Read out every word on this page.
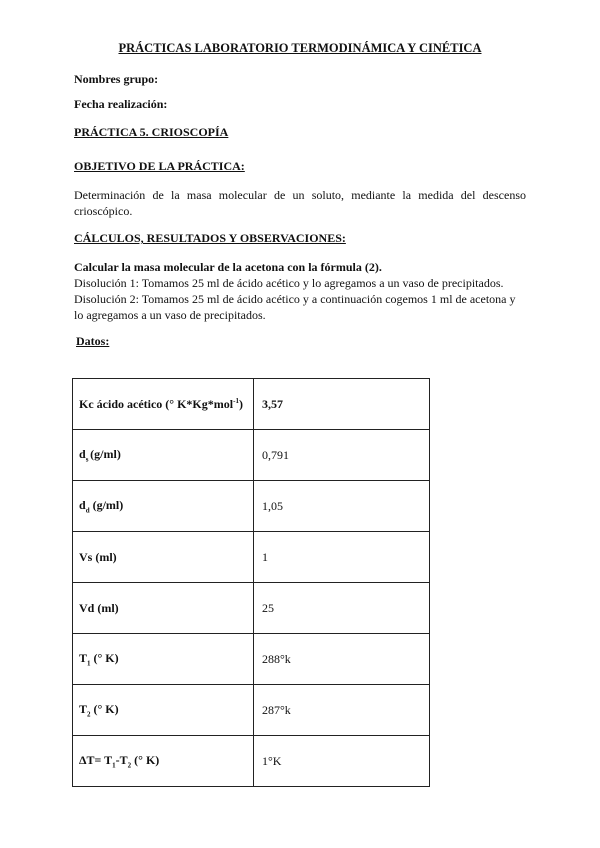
PRÁCTICAS LABORATORIO TERMODINÁMICA Y CINÉTICA
Nombres grupo:
Fecha realización:
PRÁCTICA 5. CRIOSCOPÍA
OBJETIVO DE LA PRÁCTICA:
Determinación de la masa molecular de un soluto, mediante la medida del descenso crioscópico.
CÁLCULOS, RESULTADOS Y OBSERVACIONES:
Calcular la masa molecular de la acetona con la fórmula (2).
Disolución 1: Tomamos 25 ml de ácido acético y lo agregamos a un vaso de precipitados.
Disolución 2: Tomamos 25 ml de ácido acético y a continuación cogemos 1 ml de acetona y lo agregamos a un vaso de precipitados.
Datos:
Kc ácido acético (° K*Kg*mol$^{-1}$)	3,57
$d_s$ (g/ml)	0,791
$d_d$ (g/ml)	1,05
Vs (ml)	1
Vd (ml)	25
$T_1$ (° K)	288°k
$T_2$ (° K)	287°k
$\Delta T= T_1-T_2$ (° K)	1°K
